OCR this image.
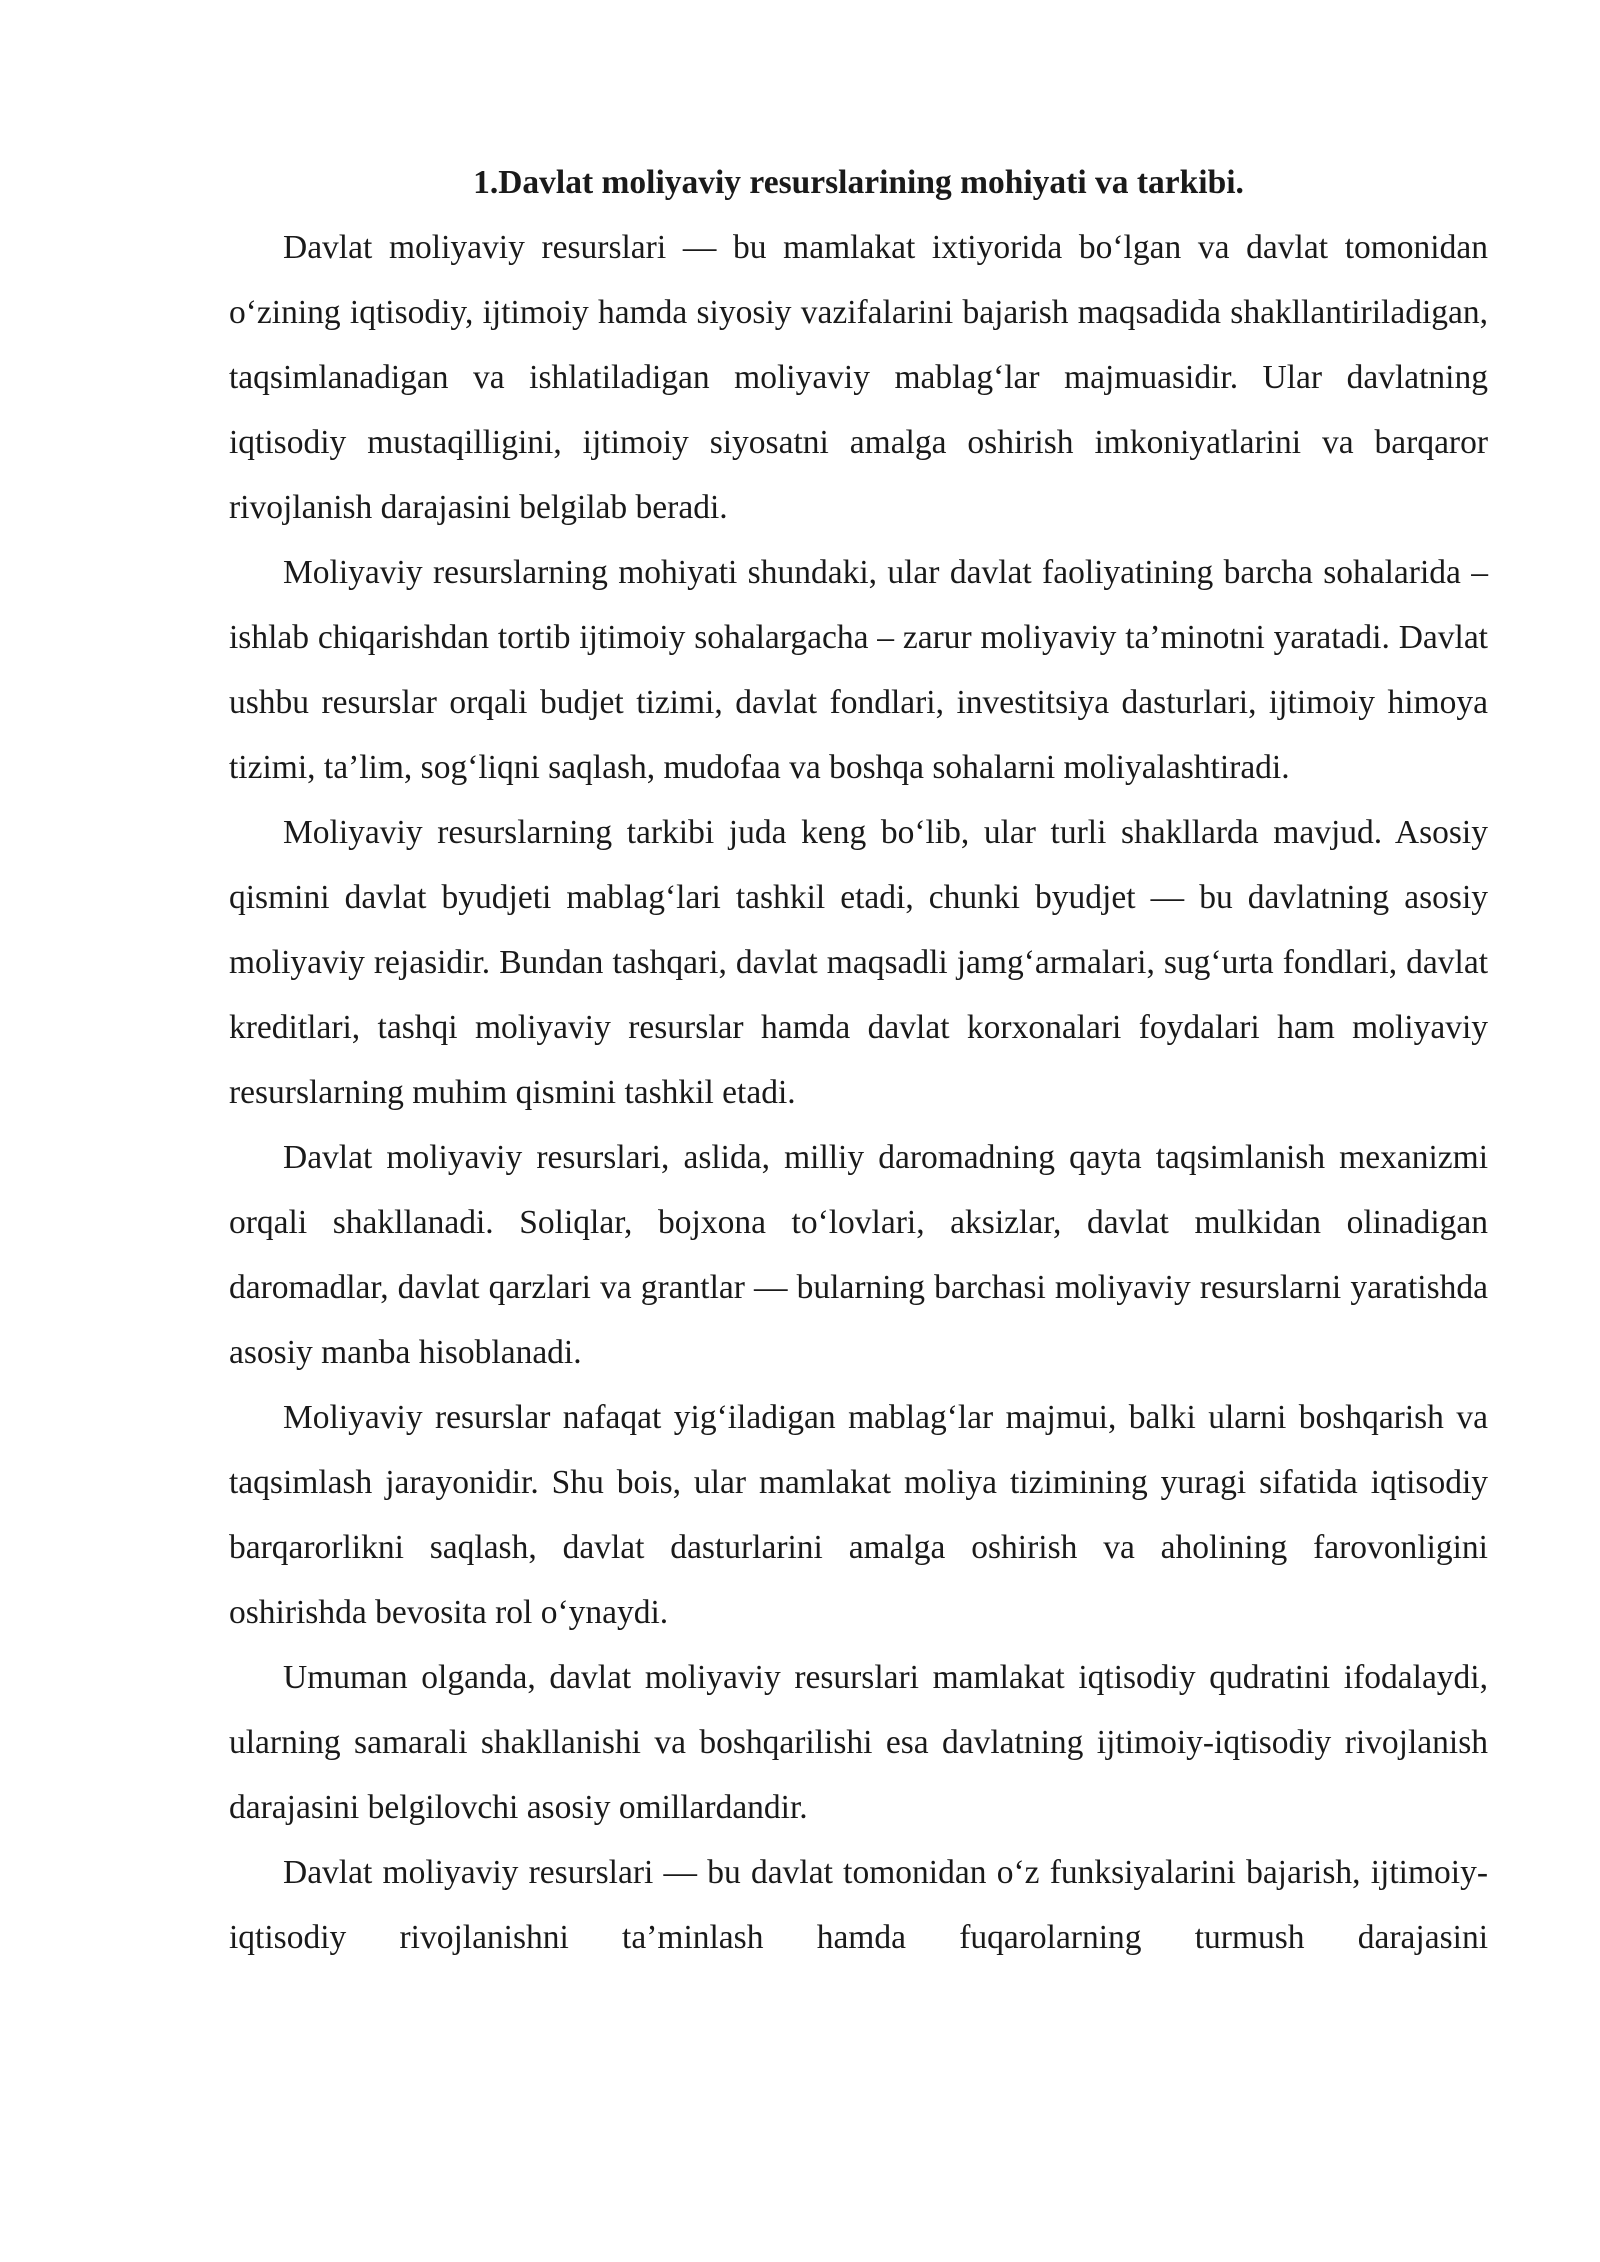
1.Davlat moliyaviy resurslarining mohiyati va tarkibi.

Davlat moliyaviy resurslari — bu mamlakat ixtiyorida bo‘lgan va davlat tomonidan o‘zining iqtisodiy, ijtimoiy hamda siyosiy vazifalarini bajarish maqsadida shakllantiriladigan, taqsimlanadigan va ishlatiladigan moliyaviy mablag‘lar majmuasidir. Ular davlatning iqtisodiy mustaqilligini, ijtimoiy siyosatni amalga oshirish imkoniyatlarini va barqaror rivojlanish darajasini belgilab beradi.

Moliyaviy resurslarning mohiyati shundaki, ular davlat faoliyatining barcha sohalarida – ishlab chiqarishdan tortib ijtimoiy sohalargacha – zarur moliyaviy ta’minotni yaratadi. Davlat ushbu resurslar orqali budjet tizimi, davlat fondlari, investitsiya dasturlari, ijtimoiy himoya tizimi, ta’lim, sog‘liqni saqlash, mudofaa va boshqa sohalarni moliyalashtiradi.

Moliyaviy resurslarning tarkibi juda keng bo‘lib, ular turli shakllarda mavjud. Asosiy qismini davlat byudjeti mablag‘lari tashkil etadi, chunki byudjet — bu davlatning asosiy moliyaviy rejasidir. Bundan tashqari, davlat maqsadli jamg‘armalari, sug‘urta fondlari, davlat kreditlari, tashqi moliyaviy resurslar hamda davlat korxonalari foydalari ham moliyaviy resurslarning muhim qismini tashkil etadi.

Davlat moliyaviy resurslari, aslida, milliy daromadning qayta taqsimlanish mexanizmi orqali shakllanadi. Soliqlar, bojxona to‘lovlari, aksizlar, davlat mulkidan olinadigan daromadlar, davlat qarzlari va grantlar — bularning barchasi moliyaviy resurslarni yaratishda asosiy manba hisoblanadi.

Moliyaviy resurslar nafaqat yig‘iladigan mablag‘lar majmui, balki ularni boshqarish va taqsimlash jarayonidir. Shu bois, ular mamlakat moliya tizimining yuragi sifatida iqtisodiy barqarorlikni saqlash, davlat dasturlarini amalga oshirish va aholining farovonligini oshirishda bevosita rol o‘ynaydi.

Umuman olganda, davlat moliyaviy resurslari mamlakat iqtisodiy qudratini ifodalaydi, ularning samarali shakllanishi va boshqarilishi esa davlatning ijtimoiy-iqtisodiy rivojlanish darajasini belgilovchi asosiy omillardandir.

Davlat moliyaviy resurslari — bu davlat tomonidan o‘z funksiyalarini bajarish, ijtimoiy-iqtisodiy rivojlanishni ta’minlash hamda fuqarolarning turmush darajasini
